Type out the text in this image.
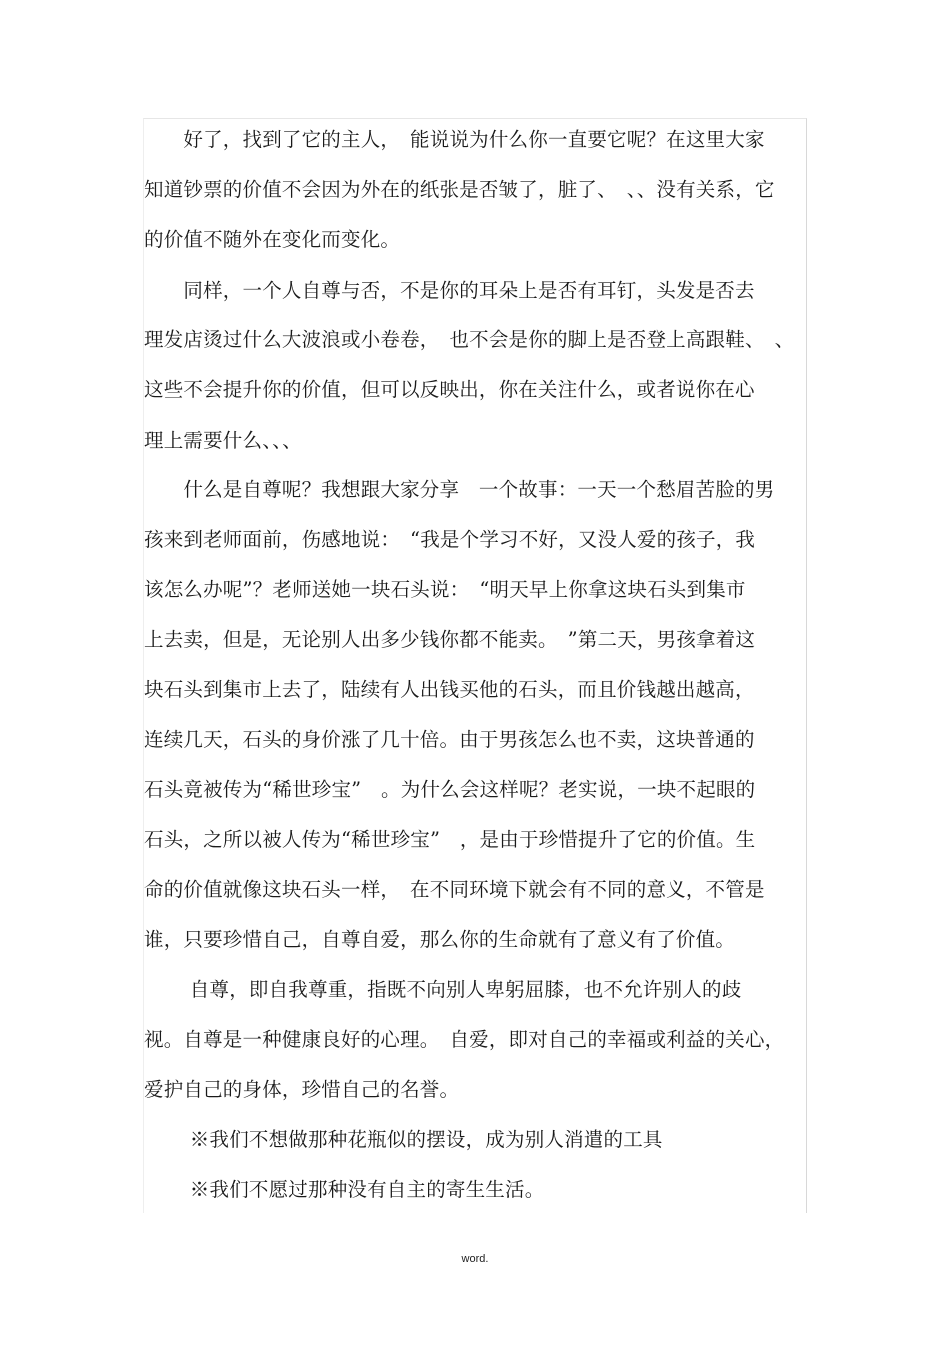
　　好了，找到了它的主人，　能说说为什么你一直要它呢？在这里大家
知道钞票的价值不会因为外在的纸张是否皱了，脏了、　、、没有关系，它
的价值不随外在变化而变化。
　　同样，一个人自尊与否，不是你的耳朵上是否有耳钉，头发是否去
理发店烫过什么大波浪或小卷卷，　也不会是你的脚上是否登上高跟鞋、　、
这些不会提升你的价值，但可以反映出，你在关注什么，或者说你在心
理上需要什么、、、
　　什么是自尊呢？我想跟大家分享　一个故事：一天一个愁眉苦脸的男
孩来到老师面前，伤感地说：　“我是个学习不好，又没人爱的孩子，我
该怎么办呢”？老师送她一块石头说：　“明天早上你拿这块石头到集市
上去卖，但是，无论别人出多少钱你都不能卖。　”第二天，男孩拿着这
块石头到集市上去了，陆续有人出钱买他的石头，而且价钱越出越高，
连续几天，石头的身价涨了几十倍。由于男孩怎么也不卖，这块普通的
石头竟被传为“稀世珍宝”　。为什么会这样呢？老实说，一块不起眼的
石头，之所以被人传为“稀世珍宝”　，是由于珍惜提升了它的价值。生
命的价值就像这块石头一样，　在不同环境下就会有不同的意义，不管是
谁，只要珍惜自己，自尊自爱，那么你的生命就有了意义有了价值。
　　 自尊，即自我尊重，指既不向别人卑躬屈膝，也不允许别人的歧
视。自尊是一种健康良好的心理。　自爱，即对自己的幸福或利益的关心，
爱护自己的身体，珍惜自己的名誉。
　　 ※我们不想做那种花瓶似的摆设，成为别人消遣的工具
　　 ※我们不愿过那种没有自主的寄生生活。
word.
